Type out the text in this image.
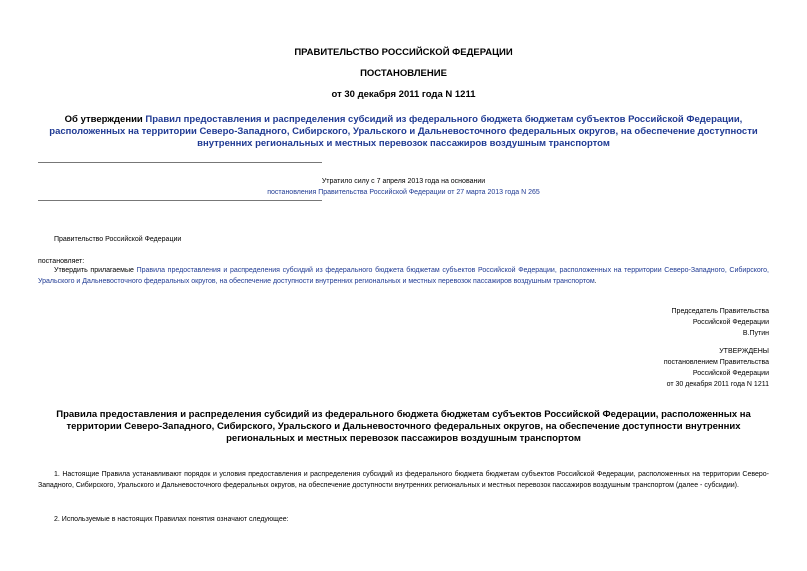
ПРАВИТЕЛЬСТВО РОССИЙСКОЙ ФЕДЕРАЦИИ
ПОСТАНОВЛЕНИЕ
от 30 декабря 2011 года N 1211
Об утверждении Правил предоставления и распределения субсидий из федерального бюджета бюджетам субъектов Российской Федерации, расположенных на территории Северо-Западного, Сибирского, Уральского и Дальневосточного федеральных округов, на обеспечение доступности внутренних региональных и местных перевозок пассажиров воздушным транспортом
Утратило силу с 7 апреля 2013 года на основании
постановления Правительства Российской Федерации от 27 марта 2013 года N 265
Правительство Российской Федерации
постановляет:
Утвердить прилагаемые Правила предоставления и распределения субсидий из федерального бюджета бюджетам субъектов Российской Федерации, расположенных на территории Северо-Западного, Сибирского, Уральского и Дальневосточного федеральных округов, на обеспечение доступности внутренних региональных и местных перевозок пассажиров воздушным транспортом.

Председатель Правительства

Российской Федерации

В.Путин

УТВЕРЖДЕНЫ

постановлением Правительства

Российской Федерации

от 30 декабря 2011 года N 1211

Правила предоставления и распределения субсидий из федерального бюджета бюджетам субъектов Российской Федерации, расположенных на территории Северо-Западного, Сибирского, Уральского и Дальневосточного федеральных округов, на обеспечение доступности внутренних региональных и местных перевозок пассажиров воздушным транспортом
1. Настоящие Правила устанавливают порядок и условия предоставления и распределения субсидий из федерального бюджета бюджетам субъектов Российской Федерации, расположенных на территории Северо-Западного, Сибирского, Уральского и Дальневосточного федеральных округов, на обеспечение доступности внутренних региональных и местных перевозок пассажиров воздушным транспортом (далее - субсидии).
2. Используемые в настоящих Правилах понятия означают следующее:
